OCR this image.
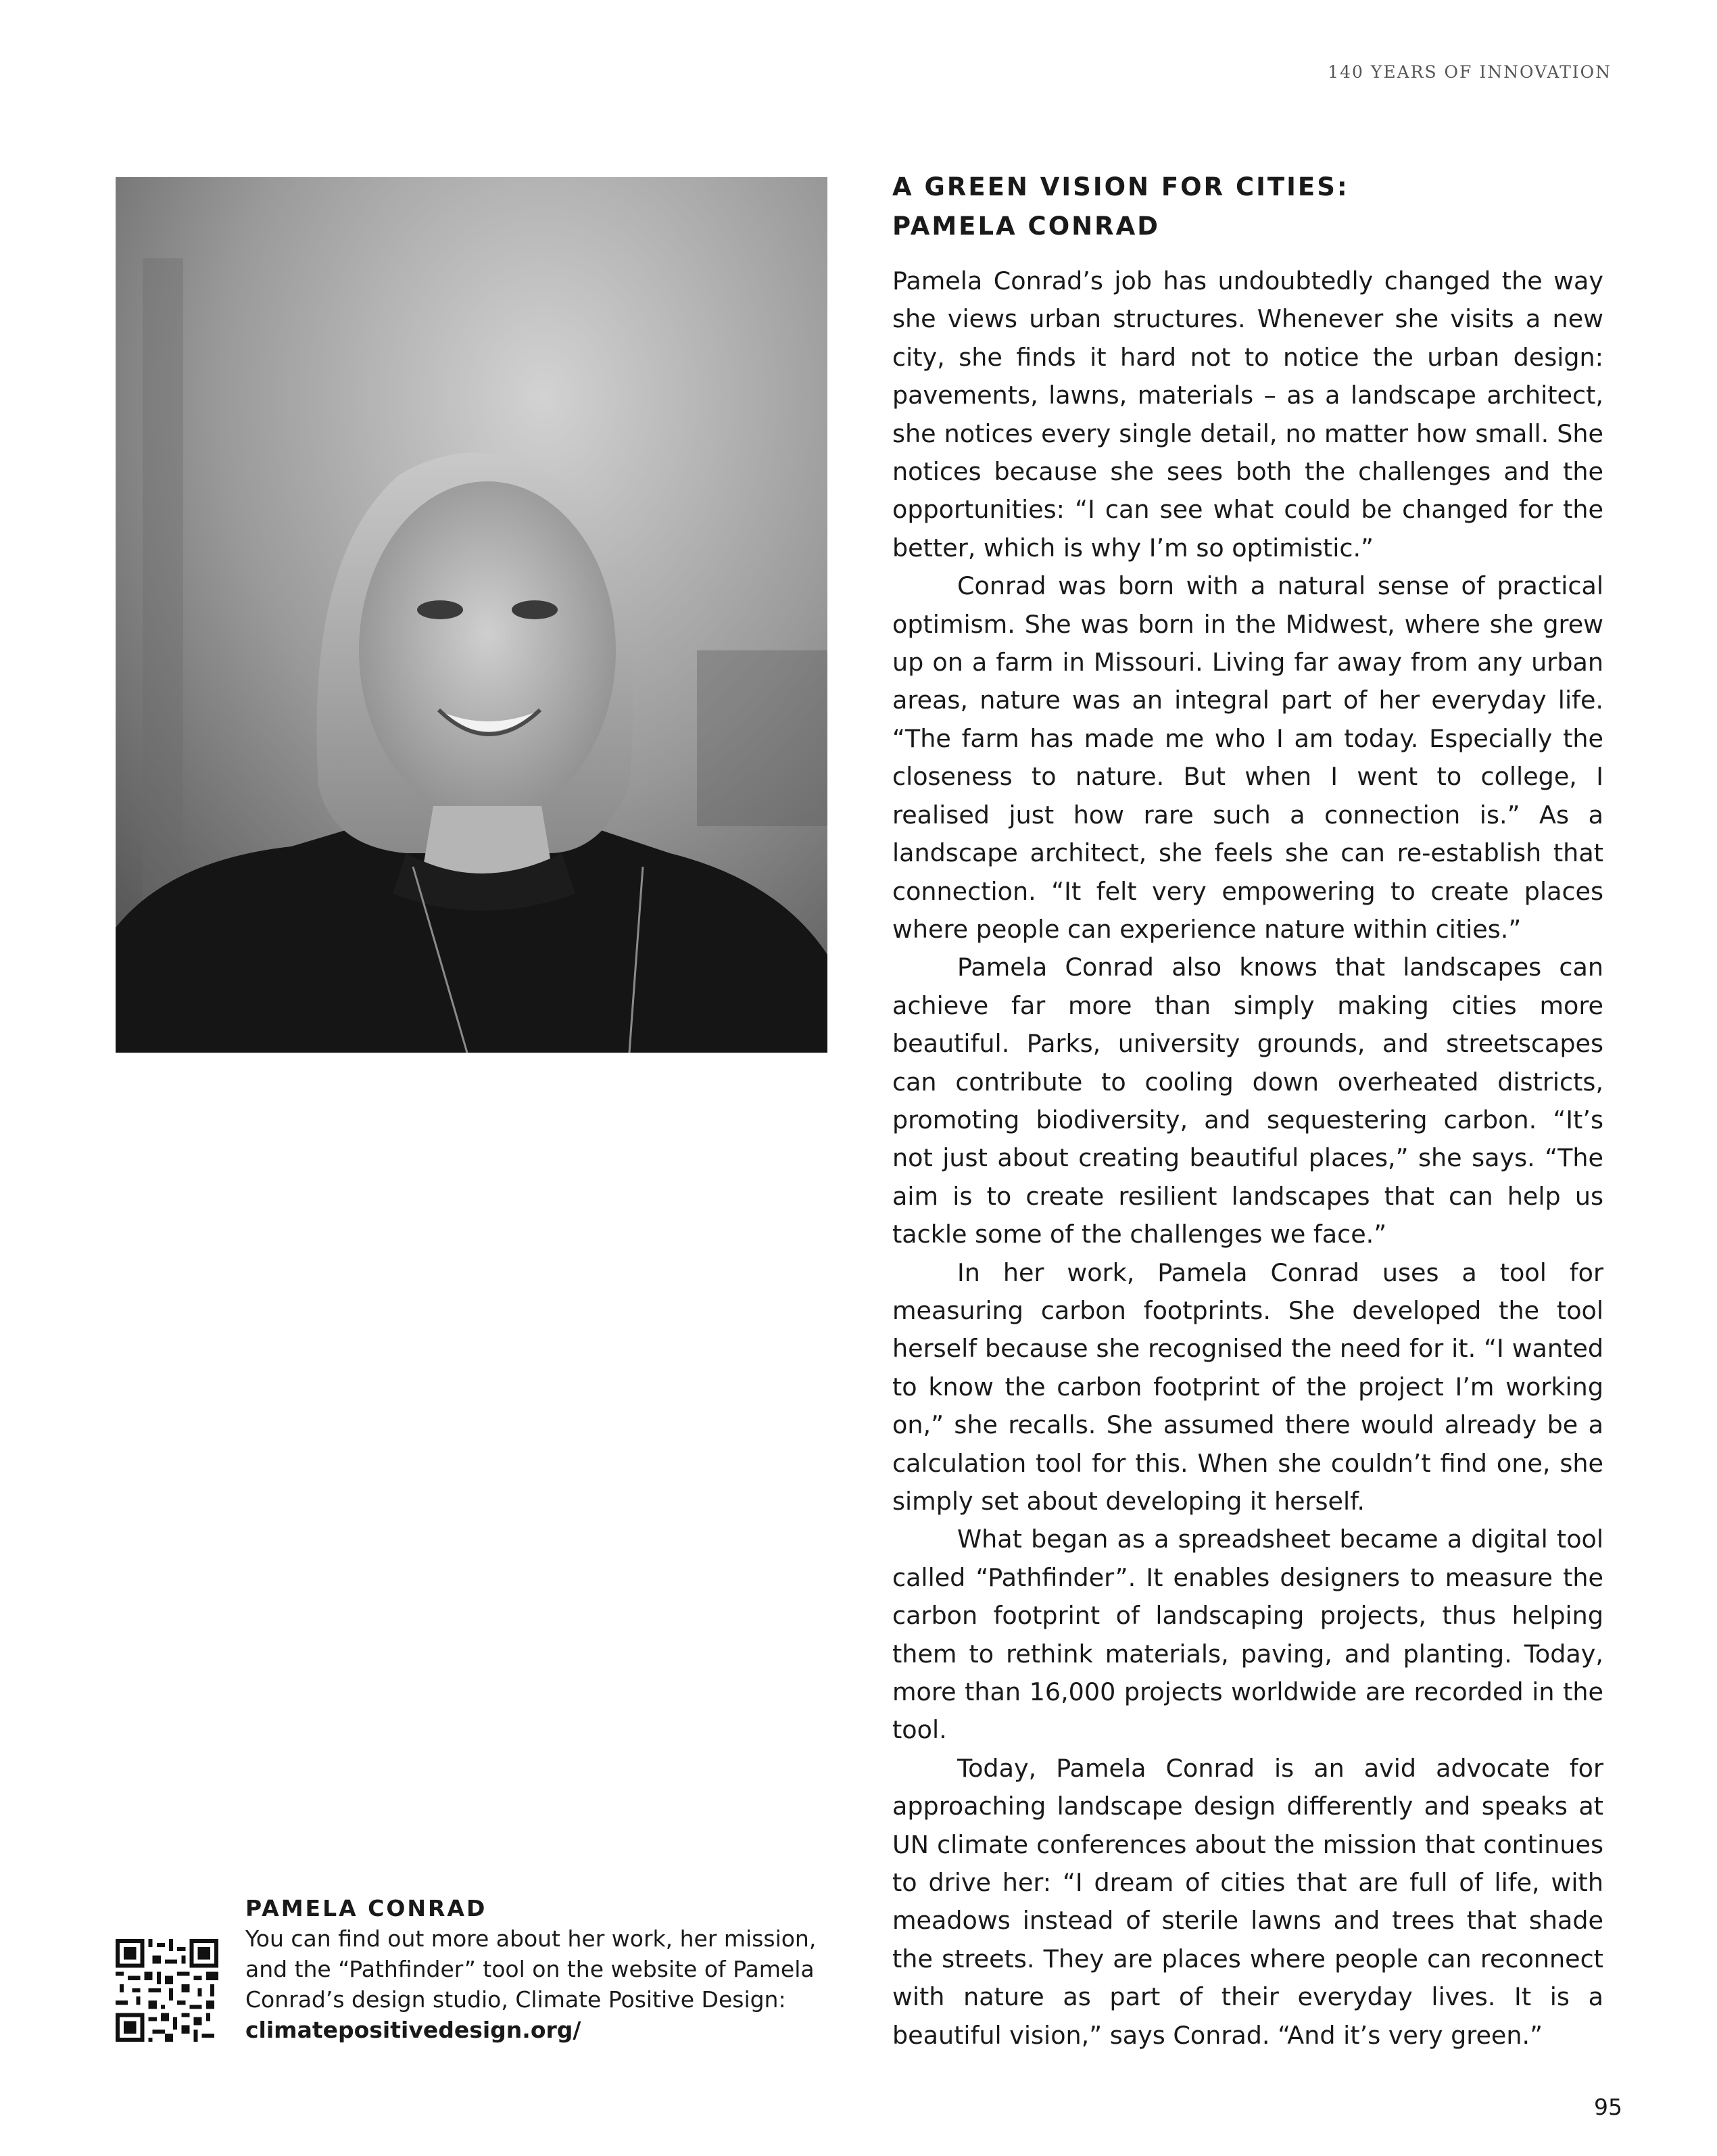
140 YEARS OF INNOVATION
A GREEN VISION FOR CITIES:
PAMELA CONRAD

Pamela Conrad’s job has undoubtedly changed the way she views urban structures. Whenever she visits a new city, she finds it hard not to notice the urban design: pavements, lawns, materials – as a landscape architect, she notices every single detail, no matter how small. She notices because she sees both the challenges and the opportunities: “I can see what could be changed for the better, which is why I’m so optimistic.”

Conrad was born with a natural sense of practical optimism. She was born in the Midwest, where she grew up on a farm in Missouri. Living far away from any urban areas, nature was an integral part of her everyday life. “The farm has made me who I am today. Especially the closeness to nature. But when I went to college, I realised just how rare such a connection is.” As a landscape architect, she feels she can re-establish that connection. “It felt very empowering to create places where people can experience nature within cities.”

Pamela Conrad also knows that landscapes can achieve far more than simply making cities more beautiful. Parks, university grounds, and streetscapes can contribute to cooling down overheated districts, promoting biodiversity, and sequestering carbon. “It’s not just about creating beautiful places,” she says. “The aim is to create resilient landscapes that can help us tackle some of the challenges we face.”

In her work, Pamela Conrad uses a tool for measuring carbon footprints. She developed the tool herself because she recognised the need for it. “I wanted to know the carbon footprint of the project I’m working on,” she recalls. She assumed there would already be a calculation tool for this. When she couldn’t find one, she simply set about developing it herself.

What began as a spreadsheet became a digital tool called “Pathfinder”. It enables designers to measure the carbon footprint of landscaping projects, thus helping them to rethink materials, paving, and planting. Today, more than 16,000 projects worldwide are recorded in the tool.

Today, Pamela Conrad is an avid advocate for approaching landscape design differently and speaks at UN climate conferences about the mission that continues to drive her: “I dream of cities that are full of life, with meadows instead of sterile lawns and trees that shade the streets. They are places where people can reconnect with nature as part of their everyday lives. It is a beautiful vision,” says Conrad. “And it’s very green.”

PAMELA CONRAD
You can find out more about her work, her mission, and the “Pathfinder” tool on the website of Pamela Conrad’s design studio, Climate Positive Design:
climatepositivedesign.org/
95
